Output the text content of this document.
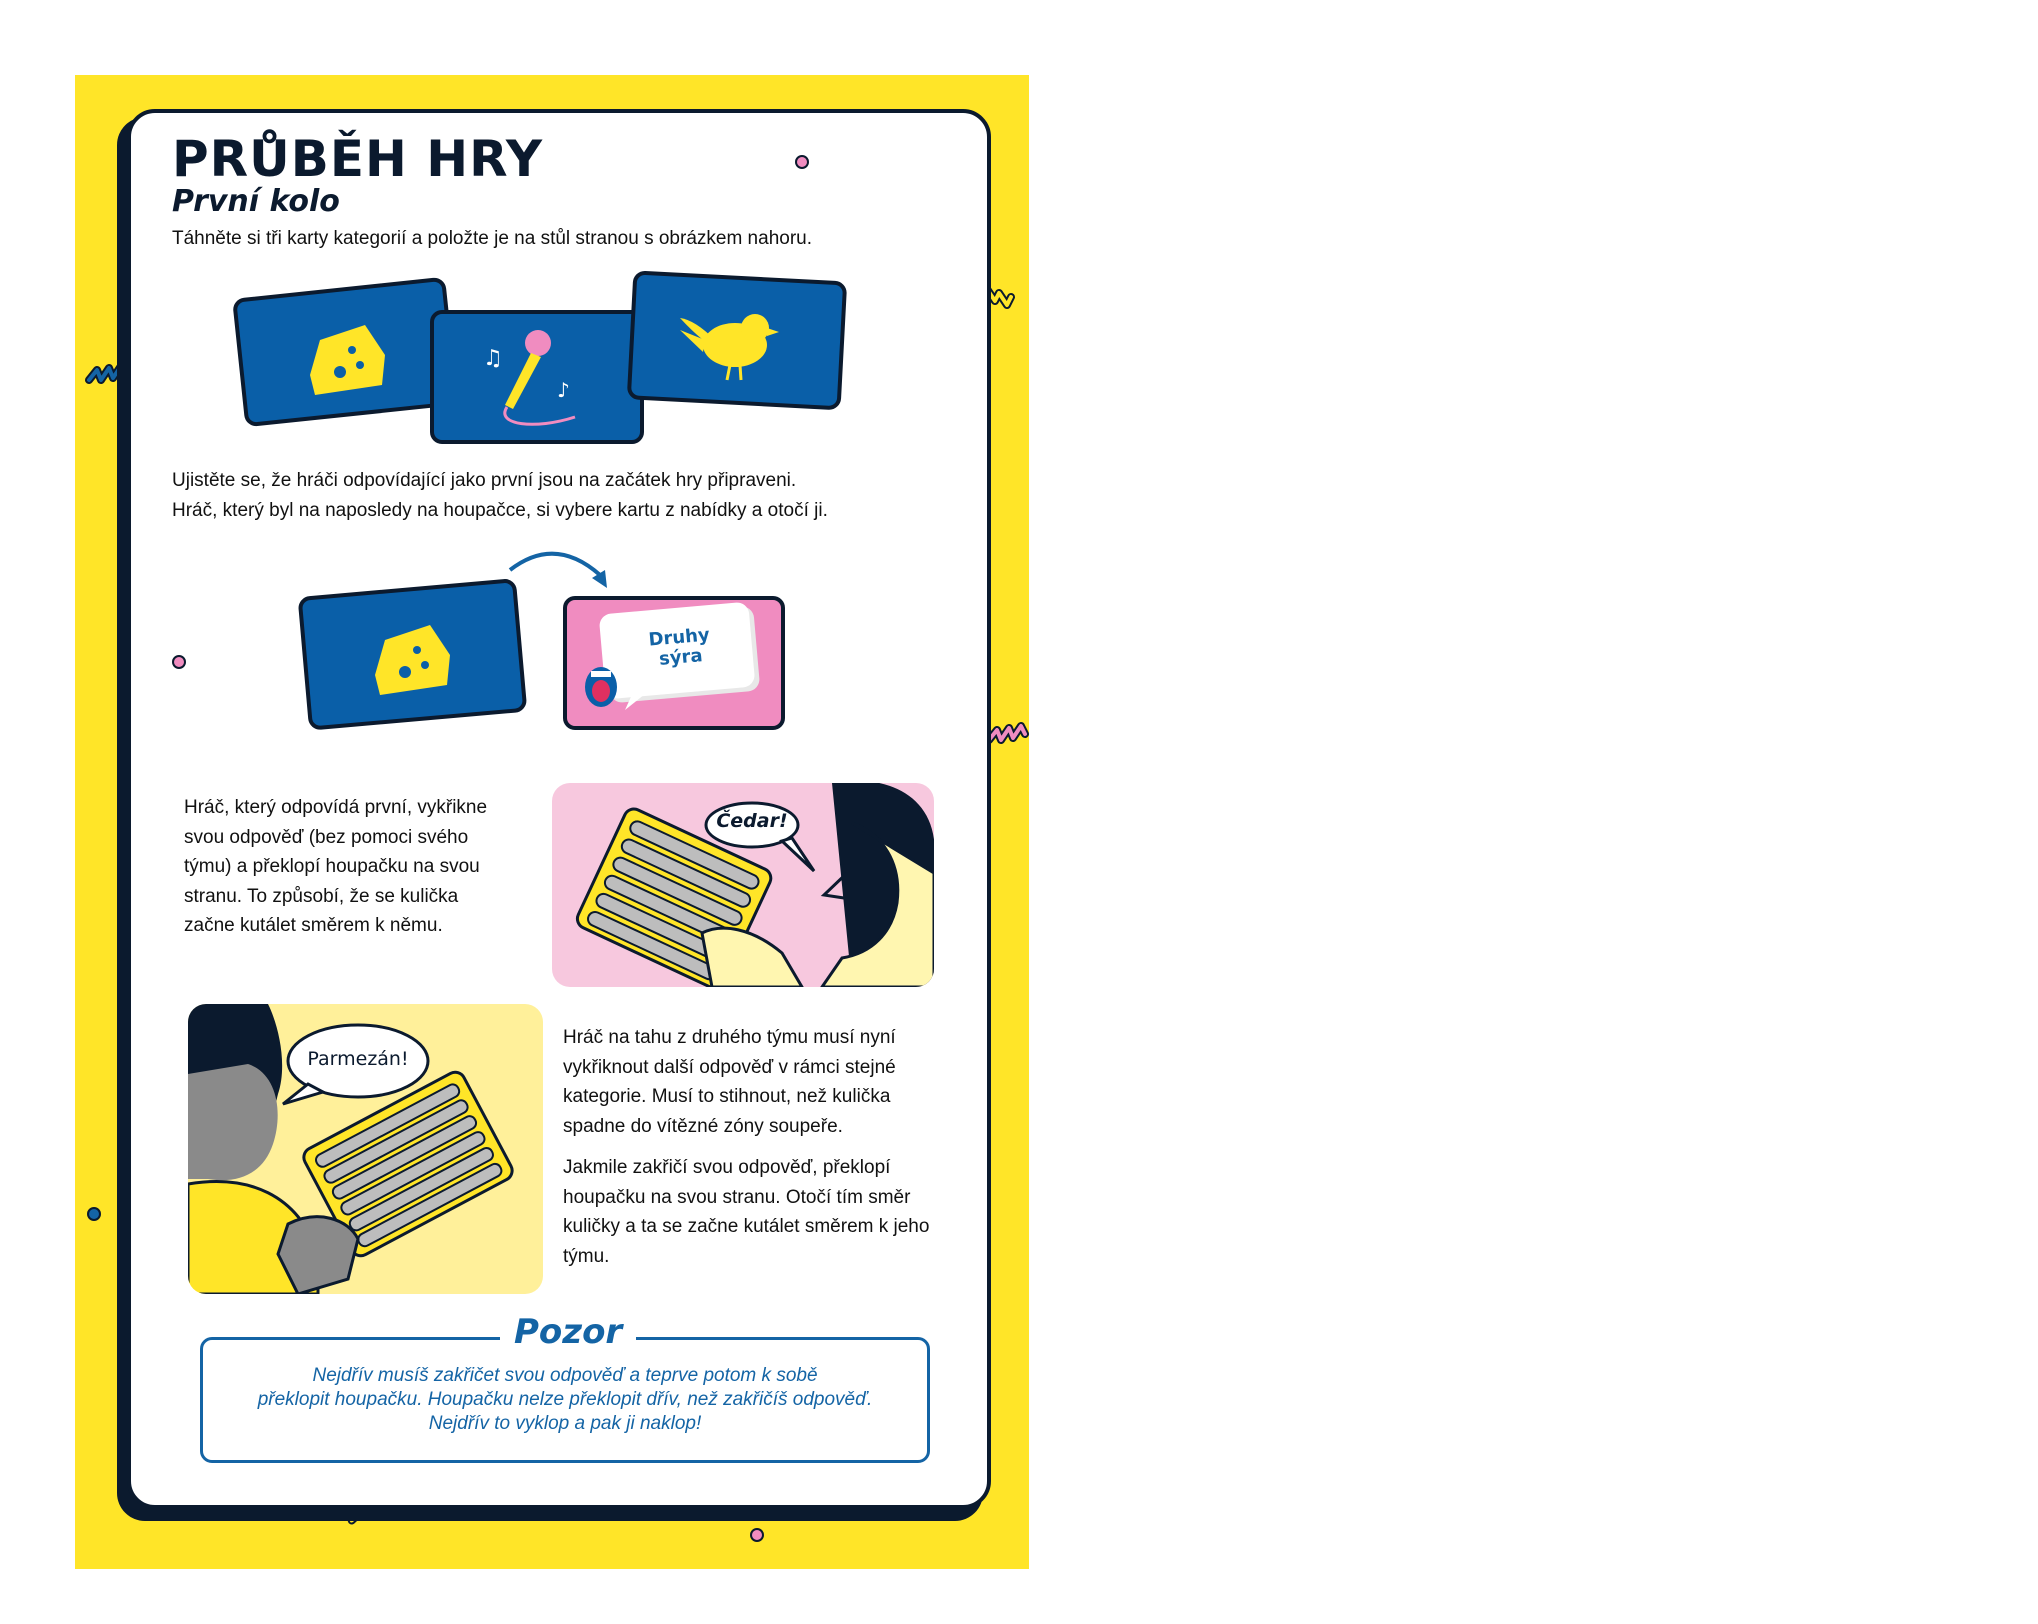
PRŮBĚH HRY
První kolo
Táhněte si tři karty kategorií a položte je na stůl stranou s obrázkem nahoru.
♫
♪
Ujistěte se, že hráči odpovídající jako první jsou na začátek hry připraveni.
Hráč, který byl na naposledy na houpačce, si vybere kartu z nabídky a otočí ji.
Druhy
sýra
Hráč, který odpovídá první, vykřikne
svou odpověď (bez pomoci svého
týmu) a překlopí houpačku na svou
stranu. To způsobí, že se kulička
začne kutálet směrem k němu.
Čedar!
Parmezán!
Hráč na tahu z druhého týmu musí nyní
vykřiknout další odpověď v rámci stejné
kategorie. Musí to stihnout, než kulička
spadne do vítězné zóny soupeře.
Jakmile zakřičí svou odpověď, překlopí
houpačku na svou stranu. Otočí tím směr
kuličky a ta se začne kutálet směrem k jeho
týmu.
Pozor
Nejdřív musíš zakřičet svou odpověď a teprve potom k sobě
překlopit houpačku. Houpačku nelze překlopit dřív, než zakřičíš odpověď.
Nejdřív to vyklop a pak ji naklop!
